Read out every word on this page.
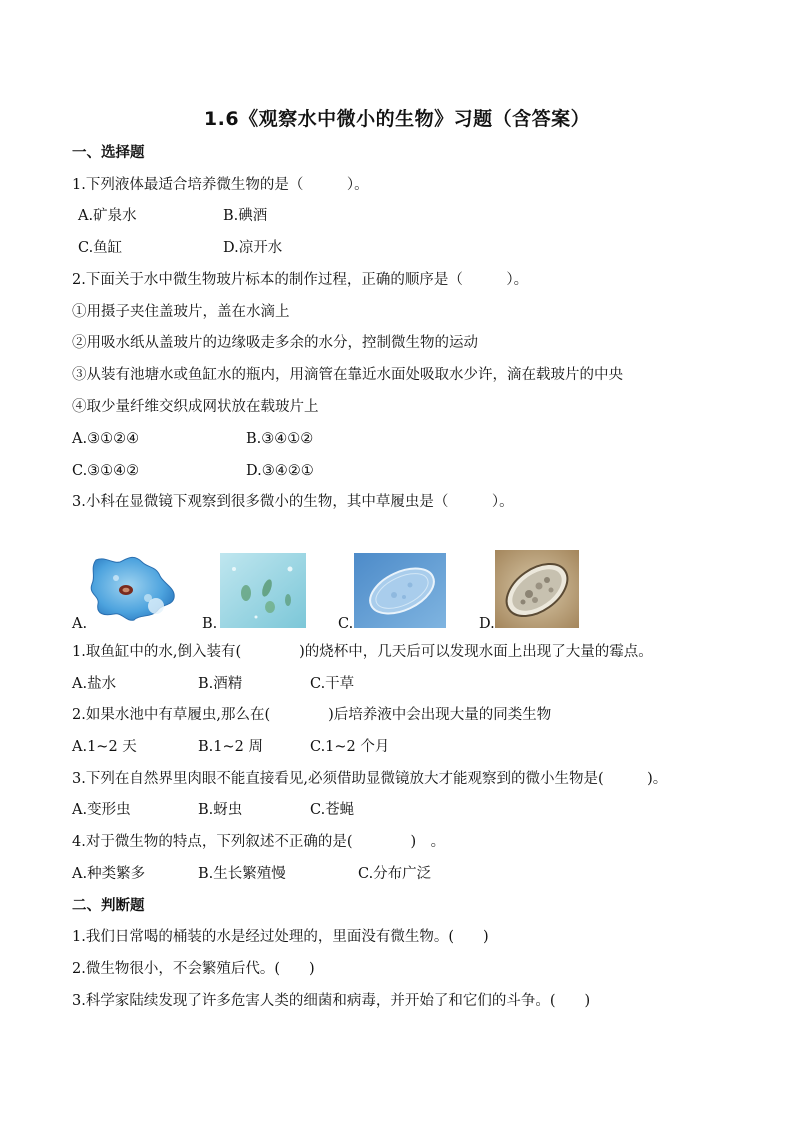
1.6《观察水中微小的生物》习题（含答案）
一、选择题
1.下列液体最适合培养微生物的是（　　　）。
A.矿泉水	B.碘酒
C.鱼缸	D.凉开水
2.下面关于水中微生物玻片标本的制作过程，正确的顺序是（　　　）。
①用摄子夹住盖玻片，盖在水滴上
②用吸水纸从盖玻片的边缘吸走多余的水分，控制微生物的运动
③从装有池塘水或鱼缸水的瓶内，用滴管在靠近水面处吸取水少许，滴在载玻片的中央
④取少量纤维交织成网状放在载玻片上
A.③①②④	B.③④①②
C.③①④②	D.③④②①
3.小科在显微镜下观察到很多微小的生物，其中草履虫是（　　　）。
A.	B.	C.	D.
1.取鱼缸中的水,倒入装有(　　　　)的烧杯中，几天后可以发现水面上出现了大量的霉点。
A.盐水	B.酒精	C.干草
2.如果水池中有草履虫,那么在(　　　　)后培养液中会出现大量的同类生物
A.1~2 天	B.1~2 周	C.1~2 个月
3.下列在自然界里肉眼不能直接看见,必须借助显微镜放大才能观察到的微小生物是(　　　)。
A.变形虫	B.蚜虫	C.苍蝇
4.对于微生物的特点，下列叙述不正确的是(　　　　)　。
A.种类繁多	B.生长繁殖慢	C.分布广泛
二、判断题
1.我们日常喝的桶装的水是经过处理的，里面没有微生物。(　　)
2.微生物很小，不会繁殖后代。(　　)
3.科学家陆续发现了许多危害人类的细菌和病毒，并开始了和它们的斗争。(　　)
